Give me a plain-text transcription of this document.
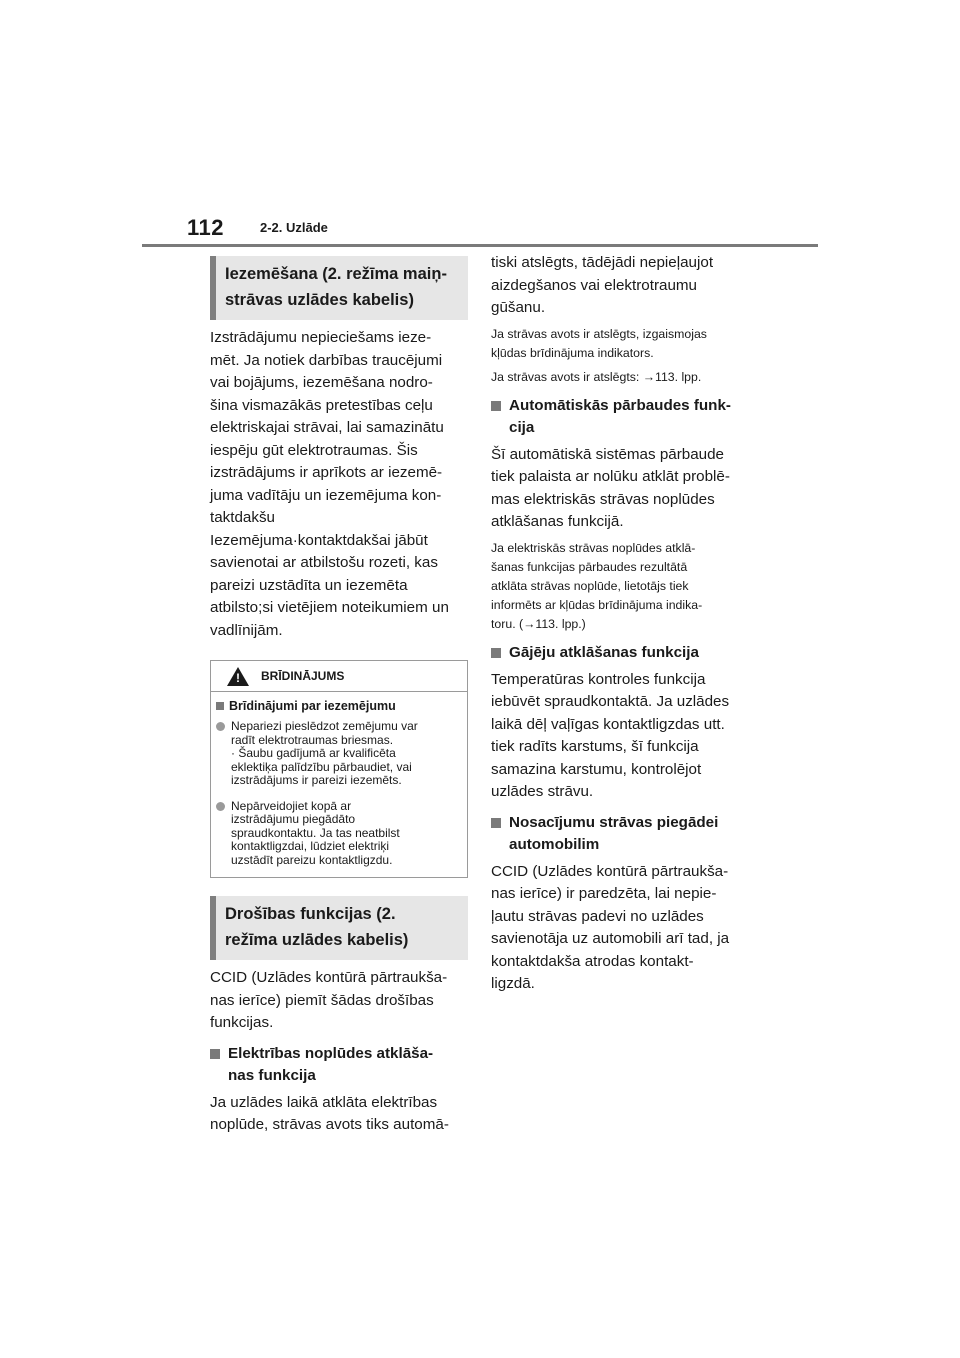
112	2-2. Uzlāde
Iezemēšana (2. režīma maiņ-
strāvas uzlādes kabelis)

Izstrādājumu nepieciešams ieze-
mēt. Ja notiek darbības traucējumi
vai bojājums, iezemēšana nodro-
šina vismazākās pretestības ceļu
elektriskajai strāvai, lai samazinātu
iespēju gūt elektrotraumas. Šis
izstrādājums ir aprīkots ar iezemē-
juma vadītāju un iezemējuma kon-
taktdakšu
Iezemējuma·kontaktdakšai jābūt
savienotai ar atbilstošu rozeti, kas
pareizi uzstādīta un iezemēta
atbilsto;si vietējiem noteikumiem un
vadlīnijām.

!	BRĪDINĀJUMS
Brīdinājumi par iezemējumu
Nepariezi pieslēdzot zemējumu var
radīt elektrotraumas briesmas.
· Šaubu gadījumā ar kvalificēta
eklektiķa palīdzību pārbaudiet, vai
izstrādājums ir pareizi iezemēts.
Nepārveidojiet kopā ar
izstrādājumu piegādāto
spraudkontaktu. Ja tas neatbilst
kontaktligzdai, lūdziet elektriķi
uzstādīt pareizu kontaktligzdu.
Drošības funkcijas (2.
režīma uzlādes kabelis)

CCID (Uzlādes kontūrā pārtraukša-
nas ierīce) piemīt šādas drošības
funkcijas.

Elektrības noplūdes atklāša-
nas funkcija

Ja uzlādes laikā atklāta elektrības
noplūde, strāvas avots tiks automā-

tiski atslēgts, tādējādi nepieļaujot
aizdegšanos vai elektrotraumu
gūšanu.

Ja strāvas avots ir atslēgts, izgaismojas
kļūdas brīdinājuma indikators.

Ja strāvas avots ir atslēgts: →113. lpp.

Automātiskās pārbaudes funk-
cija

Šī automātiskā sistēmas pārbaude
tiek palaista ar nolūku atklāt problē-
mas elektriskās strāvas noplūdes
atklāšanas funkcijā.

Ja elektriskās strāvas noplūdes atklā-
šanas funkcijas pārbaudes rezultātā
atklāta strāvas noplūde, lietotājs tiek
informēts ar kļūdas brīdinājuma indika-
toru. (→113. lpp.)

Gājēju atklāšanas funkcija

Temperatūras kontroles funkcija
iebūvēt spraudkontaktā. Ja uzlādes
laikā dēļ vaļīgas kontaktligzdas utt.
tiek radīts karstums, šī funkcija
samazina karstumu, kontrolējot
uzlādes strāvu.

Nosacījumu strāvas piegādei
automobilim

CCID (Uzlādes kontūrā pārtraukša-
nas ierīce) ir paredzēta, lai nepie-
ļautu strāvas padevi no uzlādes
savienotāja uz automobili arī tad, ja
kontaktdakša atrodas kontakt-
ligzdā.
